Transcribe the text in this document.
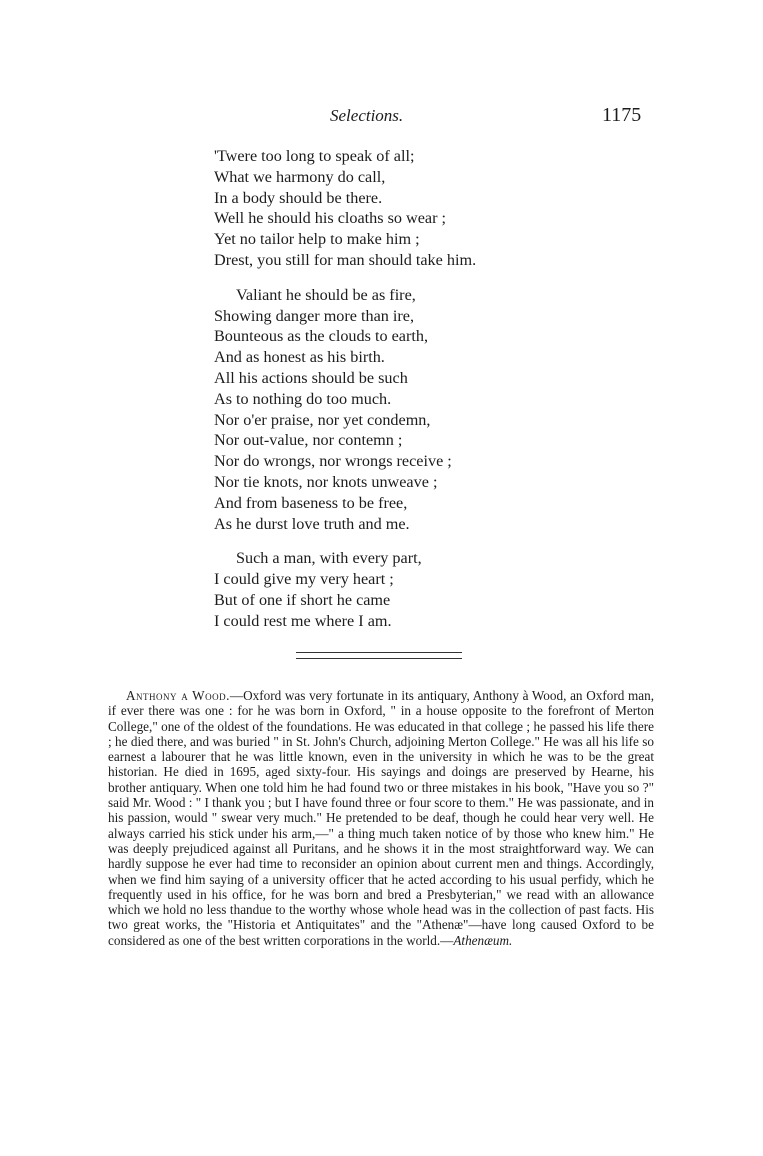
Selections.	1175
'Twere too long to speak of all;
What we harmony do call,
In a body should be there.
Well he should his cloaths so wear ;
Yet no tailor help to make him ;
Drest, you still for man should take him.
Valiant he should be as fire,
Showing danger more than ire,
Bounteous as the clouds to earth,
And as honest as his birth.
All his actions should be such
As to nothing do too much.
Nor o'er praise, nor yet condemn,
Nor out-value, nor contemn ;
Nor do wrongs, nor wrongs receive ;
Nor tie knots, nor knots unweave ;
And from baseness to be free,
As he durst love truth and me.
Such a man, with every part,
I could give my very heart ;
But of one if short he came
I could rest me where I am.

Anthony a Wood.—Oxford was very fortunate in its antiquary, Anthony à Wood, an Oxford man, if ever there was one : for he was born in Oxford, " in a house opposite to the forefront of Merton College," one of the oldest of the foundations. He was educated in that college ; he passed his life there ; he died there, and was buried " in St. John's Church, adjoining Merton College." He was all his life so earnest a labourer that he was little known, even in the university in which he was to be the great historian. He died in 1695, aged sixty-four. His sayings and doings are preserved by Hearne, his brother antiquary. When one told him he had found two or three mistakes in his book, "Have you so ?" said Mr. Wood : " I thank you ; but I have found three or four score to them." He was passionate, and in his passion, would " swear very much." He pretended to be deaf, though he could hear very well. He always carried his stick under his arm,—" a thing much taken notice of by those who knew him." He was deeply prejudiced against all Puritans, and he shows it in the most straightforward way. We can hardly suppose he ever had time to reconsider an opinion about current men and things. Accordingly, when we find him saying of a university officer that he acted according to his usual perfidy, which he frequently used in his office, for he was born and bred a Presbyterian," we read with an allowance which we hold no less thandue to the worthy whose whole head was in the collection of past facts. His two great works, the "Historia et Antiquitates" and the "Athenæ"—have long caused Oxford to be considered as one of the best written corporations in the world.—Athenæum.
